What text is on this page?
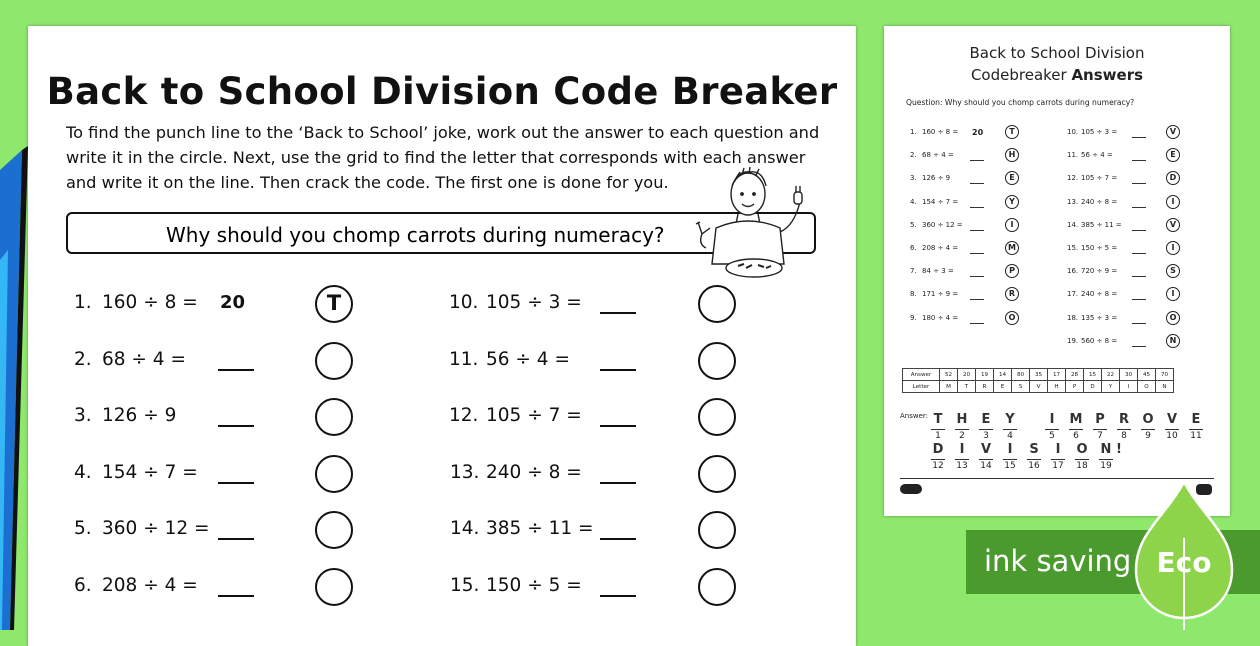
Back to School Division Code Breaker
To find the punch line to the ‘Back to School’ joke, work out the answer to each question and write it in the circle. Next, use the grid to find the letter that corresponds with each answer and write it on the line. Then crack the code. The first one is done for you.
Why should you chomp carrots during numeracy?
1. 160 ÷ 8 = 20	T
2. 68 ÷ 4 =
3. 126 ÷ 9
4. 154 ÷ 7 =
5. 360 ÷ 12 =
6. 208 ÷ 4 =
10. 105 ÷ 3 =
11. 56 ÷ 4 =
12. 105 ÷ 7 =
13. 240 ÷ 8 =
14. 385 ÷ 11 =
15. 150 ÷ 5 =
Back to School Division
Codebreaker Answers
Question: Why should you chomp carrots during numeracy?
1. 160 ÷ 8 = 20	T
2. 68 ÷ 4 =	H
3. 126 ÷ 9	E
4. 154 ÷ 7 =	Y
5. 360 ÷ 12 =	I
6. 208 ÷ 4 =	M
7. 84 ÷ 3 =	P
8. 171 ÷ 9 =	R
9. 180 ÷ 4 =	O
10. 105 ÷ 3 =	V
11. 56 ÷ 4 =	E
12. 105 ÷ 7 =	D
13. 240 ÷ 8 =	I
14. 385 ÷ 11 =	V
15. 150 ÷ 5 =	I
16. 720 ÷ 9 =	S
17. 240 ÷ 8 =	I
18. 135 ÷ 3 =	O
19. 560 ÷ 8 =	N
Answer	52	20	19	14	80	35	17	28	15	22	30	45	70
Letter	M	T	R	E	S	V	H	P	D	Y	I	O	N
Answer: T
1
H
2
E
3
Y
4
I
5
M
6
P
7
R
8
O
9
V
10
E
11
D
12
I
13
V
14
I
15
S
16
I
17
O
18
N
19
!
ink saving Eco
